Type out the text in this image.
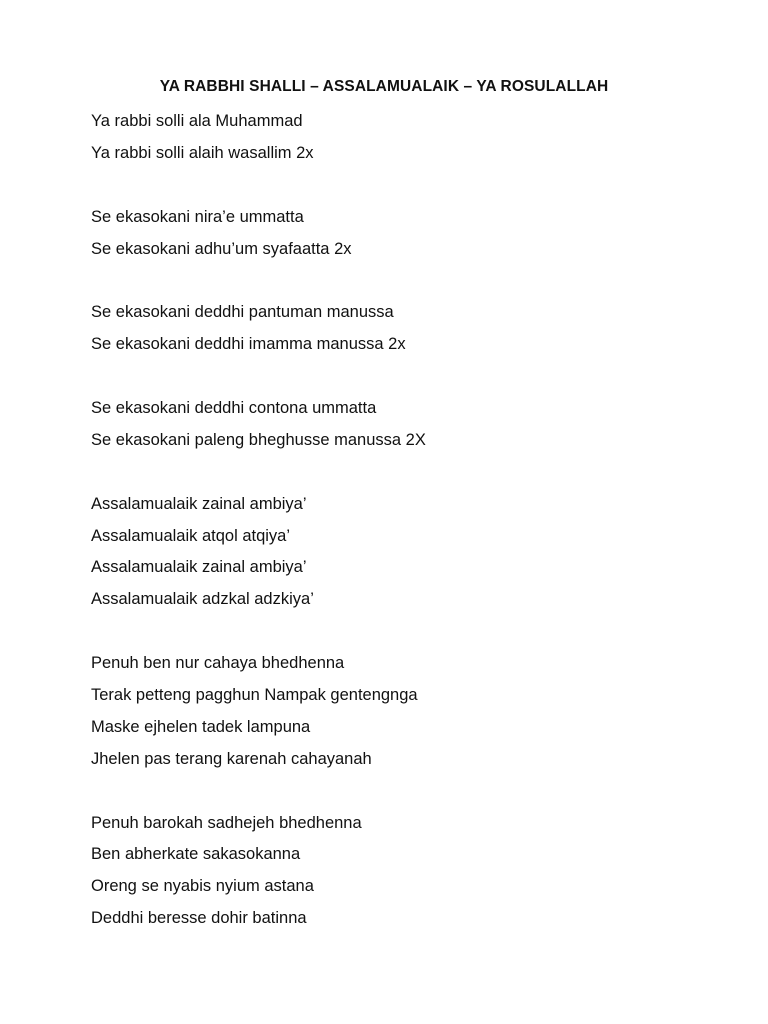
YA RABBHI SHALLI – ASSALAMUALAIK – YA ROSULALLAH
Ya rabbi solli ala Muhammad
Ya rabbi solli alaih wasallim 2x
Se ekasokani nira’e ummatta
Se ekasokani adhu’um syafaatta 2x
Se ekasokani deddhi pantuman manussa
Se ekasokani deddhi imamma manussa 2x
Se ekasokani deddhi contona ummatta
Se ekasokani paleng bheghusse manussa 2X
Assalamualaik zainal ambiya’
Assalamualaik atqol atqiya’
Assalamualaik zainal ambiya’
Assalamualaik adzkal adzkiya’
Penuh ben nur cahaya bhedhenna
Terak petteng pagghun Nampak gentengnga
Maske ejhelen tadek lampuna
Jhelen pas terang karenah cahayanah
Penuh barokah sadhejeh bhedhenna
Ben abherkate sakasokanna
Oreng se nyabis nyium astana
Deddhi beresse dohir batinna
